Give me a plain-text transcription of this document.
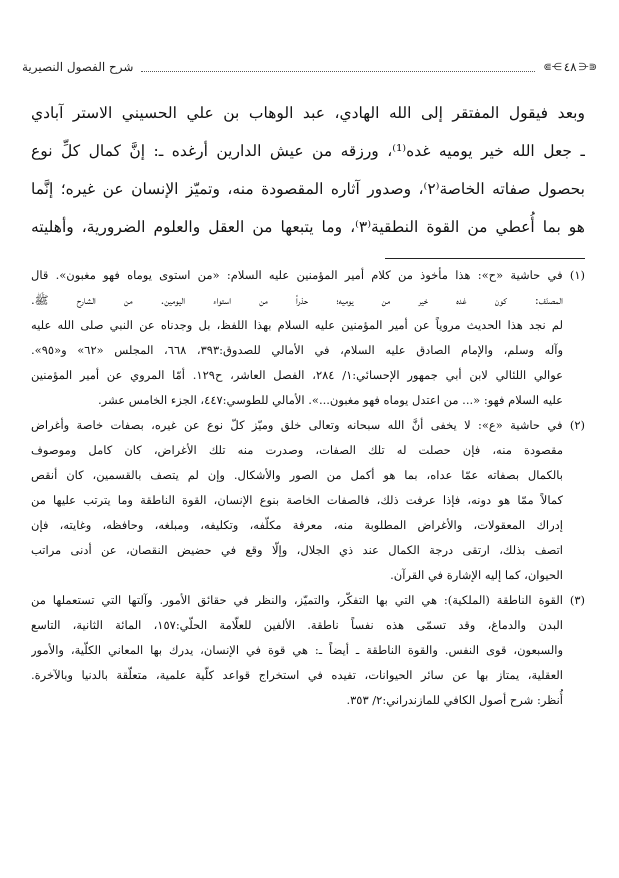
⋐⋲
٤٨
⋺⋑
شرح الفصول النصيرية
وبعد فيقول المفتقر إلى الله الهادي، عبد الوهاب بن علي الحسيني الاستر آبادي
ـ جعل الله خير يوميه غده⁽¹⁾، ورزقه من عيش الدارين أرغده ـ: إنَّ كمال كلِّ نوع
بحصول صفاته الخاصة⁽٢⁾، وصدور آثاره المقصودة منه، وتميّز الإنسان عن غيره؛ إنَّما
هو بما أُعطي من القوة النطقية⁽٣⁾، وما يتبعها من العقل والعلوم الضرورية، وأهليته
(١) في حاشية «ح»: هذا مأخوذ من كلام أمير المؤمنين عليه السلام: «من استوى يوماه فهو مغبون». قال
المصنّف: كون غده خير من يوميه؛ حذراً من استواء اليومين. من الشارح ﷺ.
لم نجد هذا الحديث مروياً عن أمير المؤمنين عليه السلام بهذا اللفظ، بل وجدناه عن النبي صلى الله عليه
وآله وسلم، والإمام الصادق عليه السلام، في الأمالي للصدوق:٣٩٣، ٦٦٨، المجلس «٦٢» و«٩٥».
عوالي اللئالي لابن أبي جمهور الإحسائي:١/ ٢٨٤، الفصل العاشر، ح١٢٩. أمّا المروي عن أمير المؤمنين
عليه السلام فهو: «... من اعتدل يوماه فهو مغبون...». الأمالي للطوسي:٤٤٧، الجزء الخامس عشر.
(٢) في حاشية «ع»: لا يخفى أنَّ الله سبحانه وتعالى خلق وميّز كلّ نوع عن غيره، بصفات خاصة وأغراض
مقصودة منه، فإن حصلت له تلك الصفات، وصدرت منه تلك الأغراض، كان كامل وموصوف
بالكمال بصفاته عمّا عداه، بما هو أكمل من الصور والأشكال. وإن لم يتصف بالقسمين، كان أنقص
كمالاً ممّا هو دونه، فإذا عرفت ذلك، فالصفات الخاصة بنوع الإنسان، القوة الناطقة وما يترتب عليها من
إدراك المعقولات، والأغراض المطلوبة منه، معرفة مكلّفه، وتكليفه، ومبلغه، وحافظه، وغايته، فإن
اتصف بذلك، ارتقى درجة الكمال عند ذي الجلال، وإلّا وقع في حضيض النقصان، عن أدنى مراتب
الحيوان، كما إليه الإشارة في القرآن.
(٣) القوة الناطقة (الملكية): هي التي بها التفكّر، والتميّز، والنظر في حقائق الأمور. وآلتها التي تستعملها من
البدن والدماغ، وقد تسمّى هذه نفساً ناطقة. الألفين للعلّامة الحلّي:١٥٧، المائة الثانية، التاسع
والسبعون، قوى النفس. والقوة الناطقة ـ أيضاً ـ: هي قوة في الإنسان، يدرك بها المعاني الكلّية، والأمور
العقلية، يمتاز بها عن سائر الحيوانات، تفيده في استخراج قواعد كلّية علمية، متعلّقة بالدنيا وبالآخرة.
أُنظر: شرح أصول الكافي للمازندراني:٢/ ٣٥٣.
